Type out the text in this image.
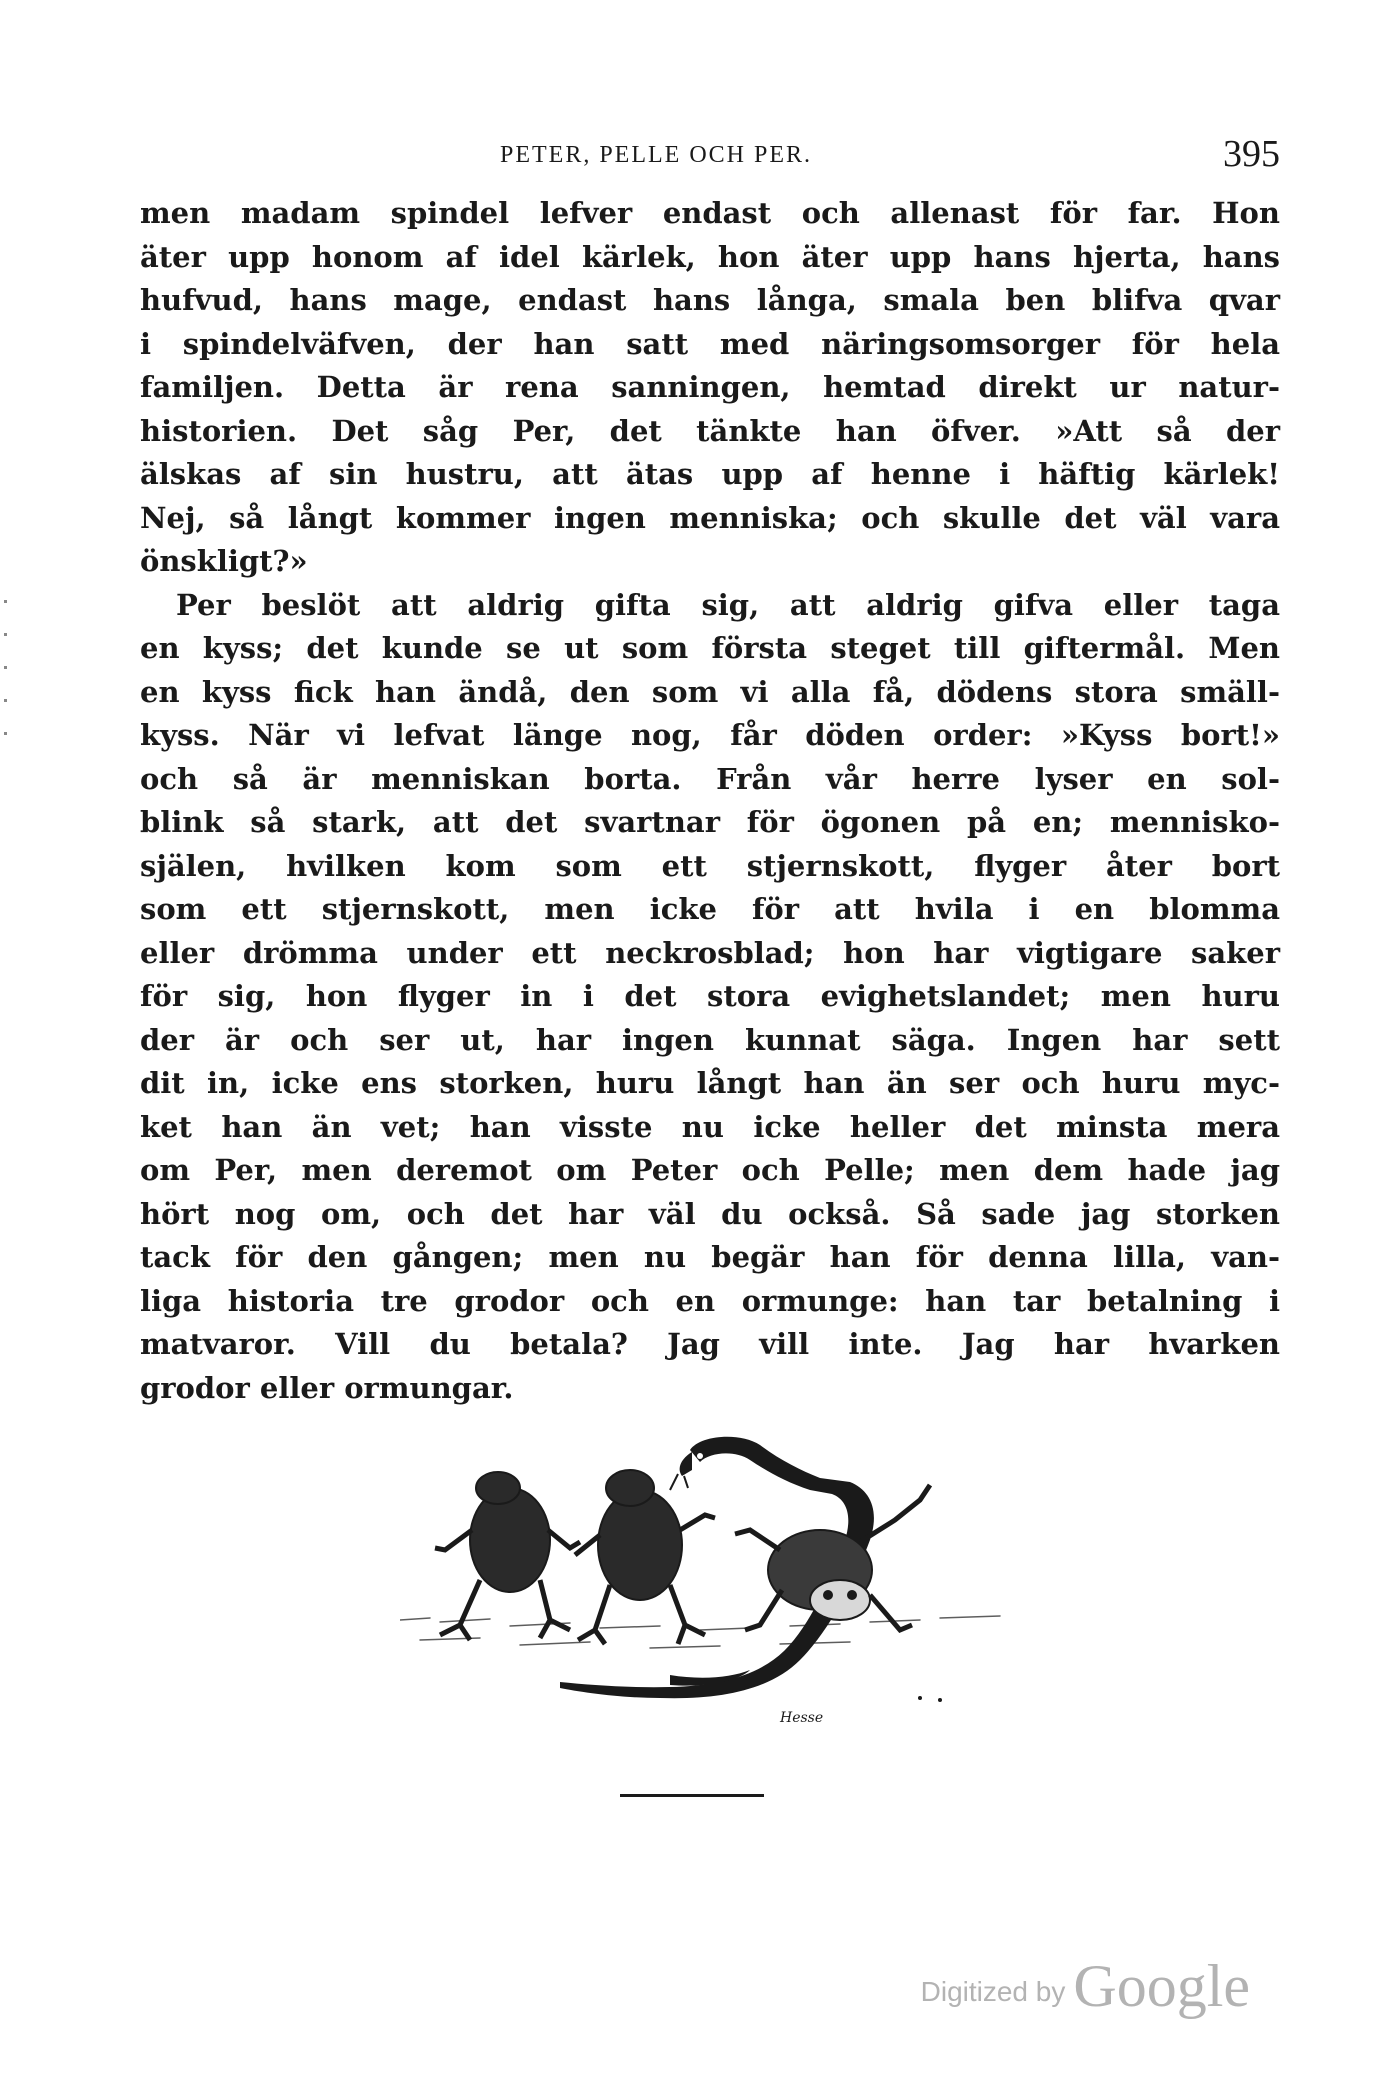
PETER, PELLE OCH PER.	395
men madam spindel lefver endast och allenast för far. Hon
äter upp honom af idel kärlek, hon äter upp hans hjerta, hans
hufvud, hans mage, endast hans långa, smala ben blifva qvar
i spindelväfven, der han satt med näringsomsorger för hela
familjen. Detta är rena sanningen, hemtad direkt ur natur-
historien. Det såg Per, det tänkte han öfver. »Att så der
älskas af sin hustru, att ätas upp af henne i häftig kärlek!
Nej, så långt kommer ingen menniska; och skulle det väl vara
önskligt?»
Per beslöt att aldrig gifta sig, att aldrig gifva eller taga
en kyss; det kunde se ut som första steget till giftermål. Men
en kyss fick han ändå, den som vi alla få, dödens stora smäll-
kyss. När vi lefvat länge nog, får döden order: »Kyss bort!»
och så är menniskan borta. Från vår herre lyser en sol-
blink så stark, att det svartnar för ögonen på en; mennisko-
själen, hvilken kom som ett stjernskott, flyger åter bort
som ett stjernskott, men icke för att hvila i en blomma
eller drömma under ett neckrosblad; hon har vigtigare saker
för sig, hon flyger in i det stora evighetslandet; men huru
der är och ser ut, har ingen kunnat säga. Ingen har sett
dit in, icke ens storken, huru långt han än ser och huru myc-
ket han än vet; han visste nu icke heller det minsta mera
om Per, men deremot om Peter och Pelle; men dem hade jag
hört nog om, och det har väl du också. Så sade jag storken
tack för den gången; men nu begär han för denna lilla, van-
liga historia tre grodor och en ormunge: han tar betalning i
matvaror. Vill du betala? Jag vill inte. Jag har hvarken
grodor eller ormungar.
Hesse
Digitized by Google
